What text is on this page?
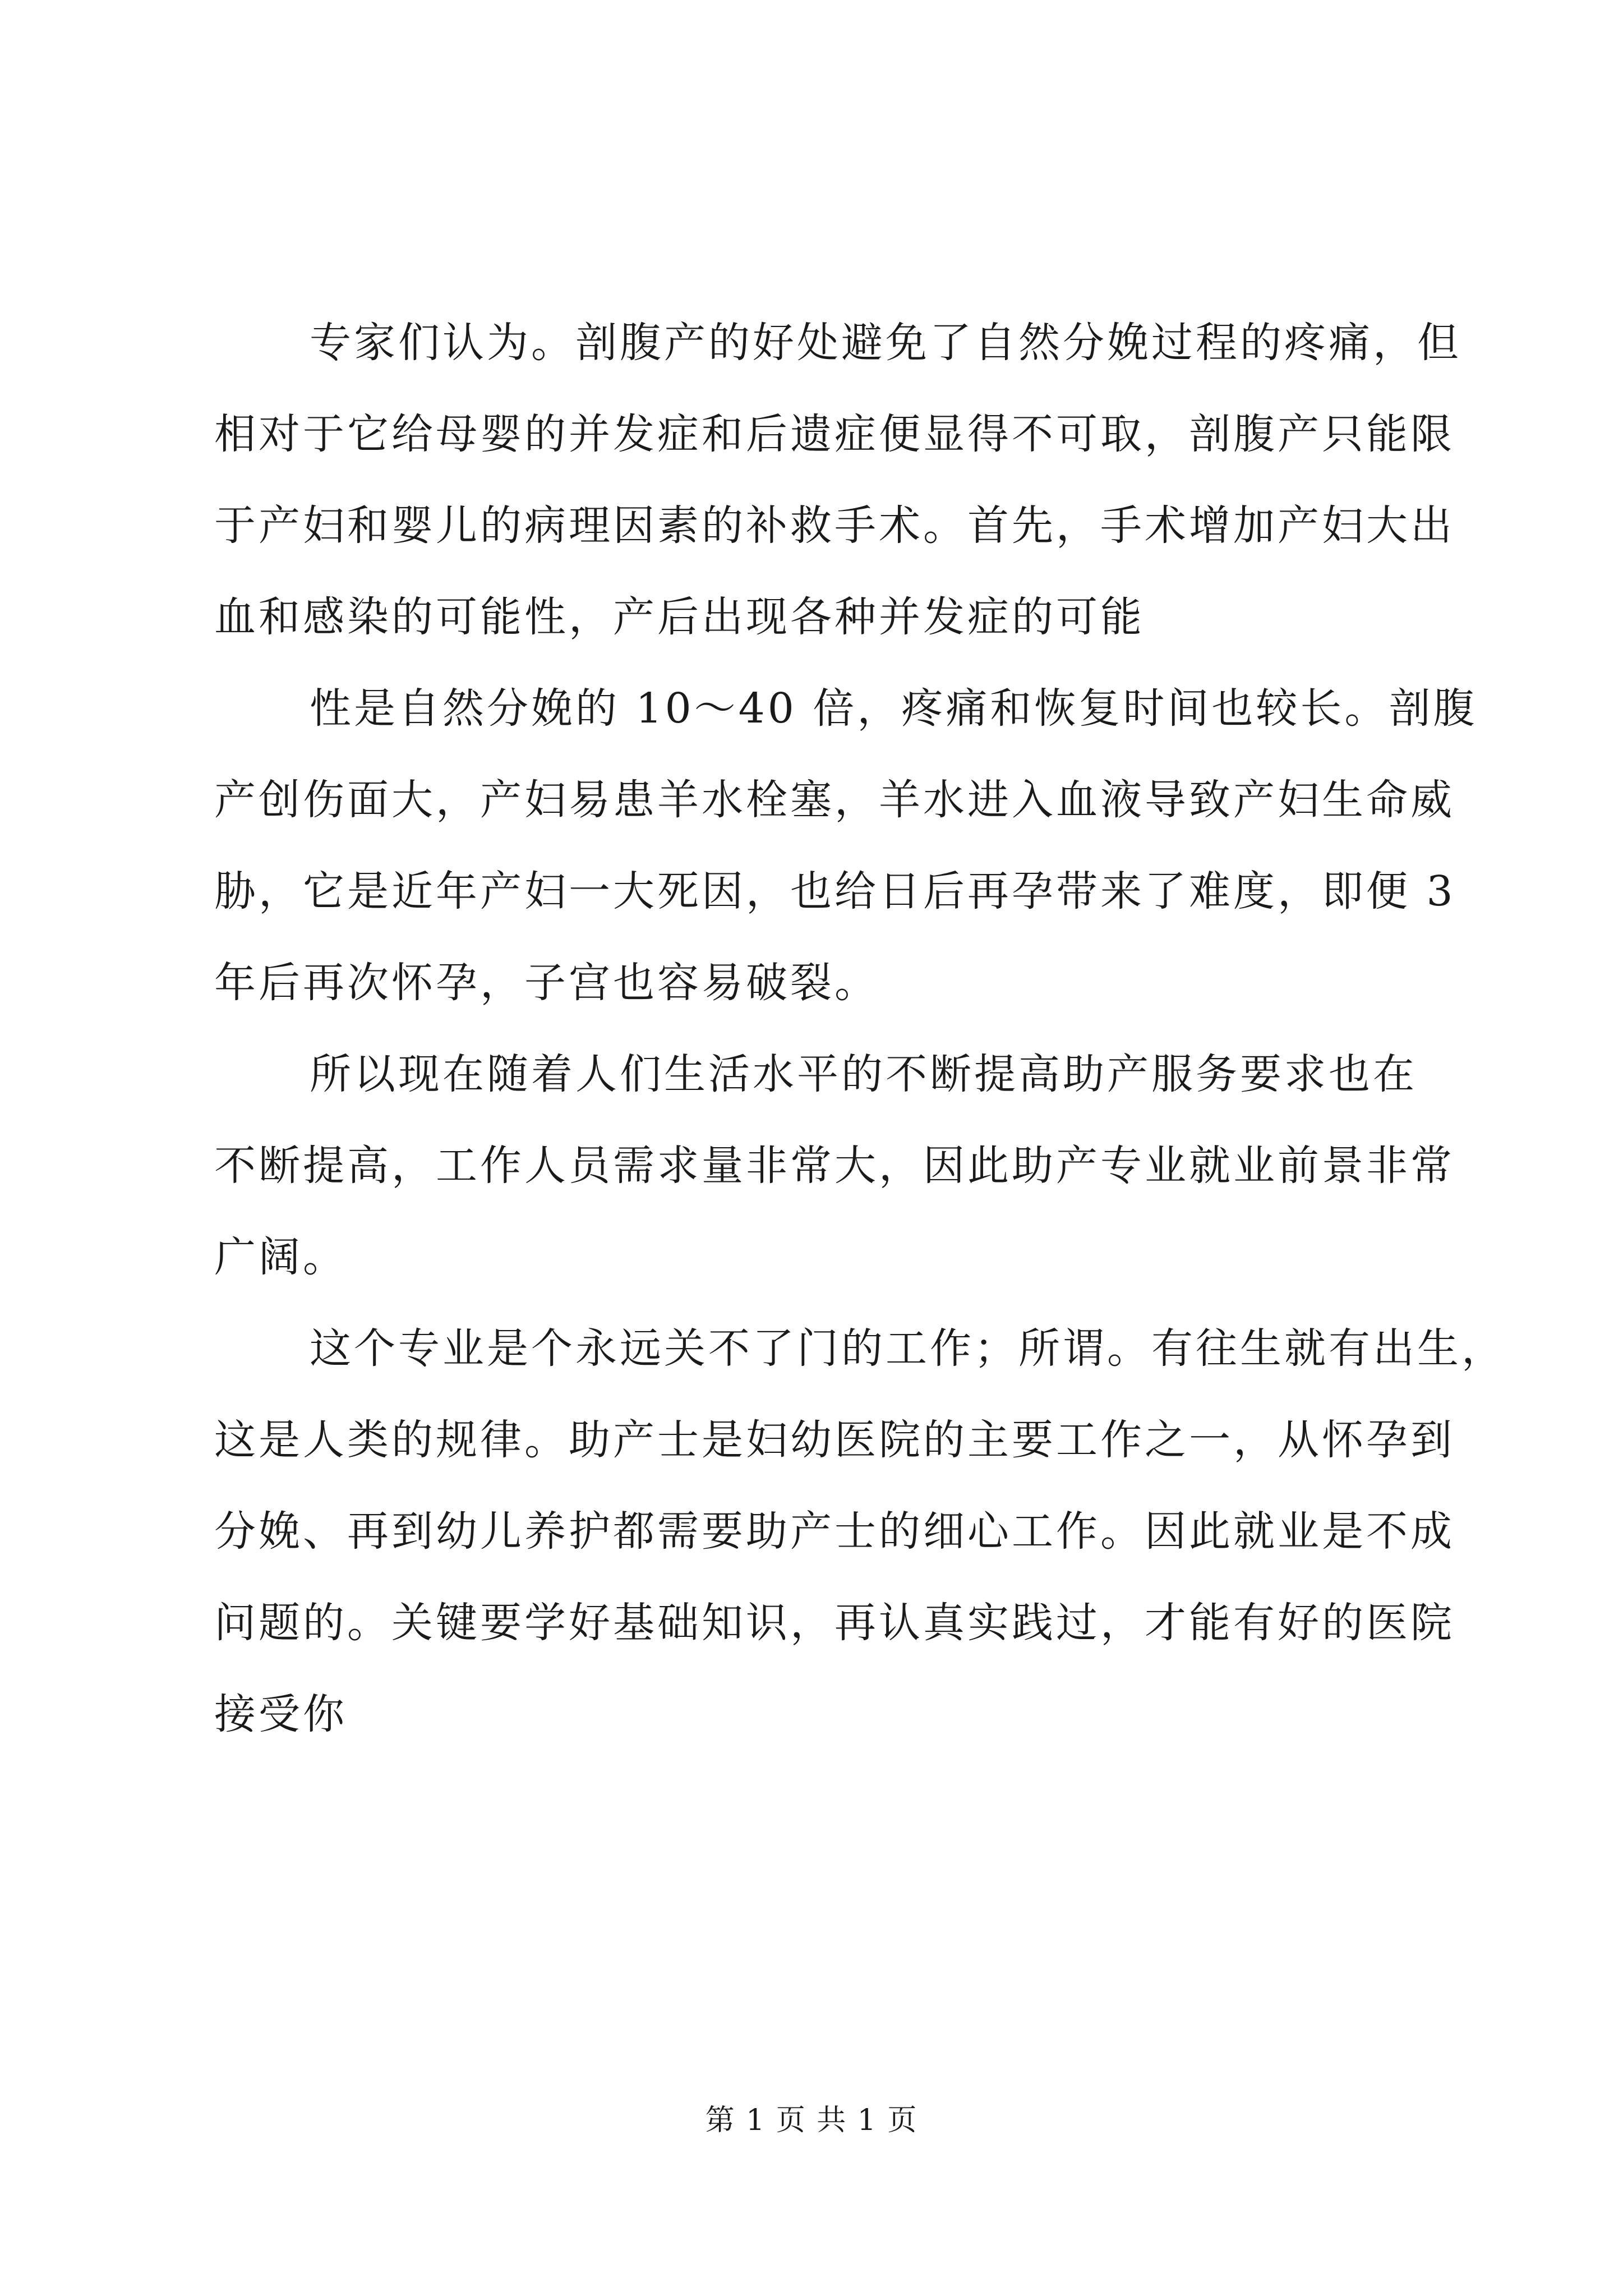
专家们认为。剖腹产的好处避免了自然分娩过程的疼痛，但
相对于它给母婴的并发症和后遗症便显得不可取，剖腹产只能限
于产妇和婴儿的病理因素的补救手术。首先，手术增加产妇大出
血和感染的可能性，产后出现各种并发症的可能
性是自然分娩的 10～40 倍，疼痛和恢复时间也较长。剖腹
产创伤面大，产妇易患羊水栓塞，羊水进入血液导致产妇生命威
胁，它是近年产妇一大死因，也给日后再孕带来了难度，即便 3
年后再次怀孕，子宫也容易破裂。
所以现在随着人们生活水平的不断提高助产服务要求也在
不断提高，工作人员需求量非常大，因此助产专业就业前景非常
广阔。
这个专业是个永远关不了门的工作；所谓。有往生就有出生，
这是人类的规律。助产士是妇幼医院的主要工作之一，从怀孕到
分娩、再到幼儿养护都需要助产士的细心工作。因此就业是不成
问题的。关键要学好基础知识，再认真实践过，才能有好的医院
接受你
第 1 页 共 1 页
